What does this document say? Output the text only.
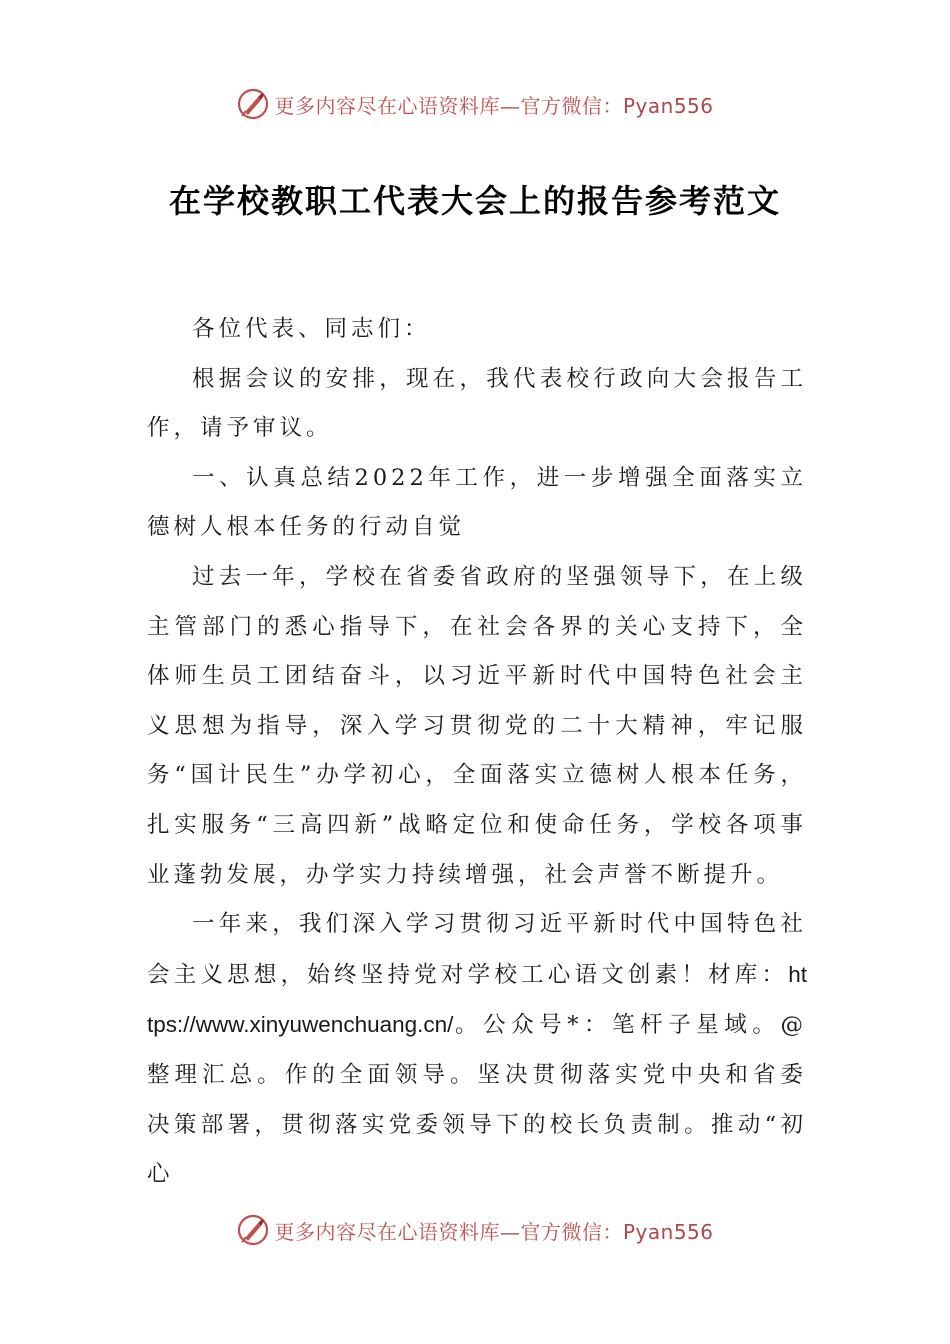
更多内容尽在心语资料库—官方微信：Pyan556
在学校教职工代表大会上的报告参考范文

各位代表、同志们：

根据会议的安排，现在，我代表校行政向大会报告工作，请予审议。

一、认真总结2022年工作，进一步增强全面落实立德树人根本任务的行动自觉

过去一年，学校在省委省政府的坚强领导下，在上级主管部门的悉心指导下，在社会各界的关心支持下，全体师生员工团结奋斗，以习近平新时代中国特色社会主义思想为指导，深入学习贯彻党的二十大精神，牢记服务“国计民生”办学初心，全面落实立德树人根本任务，扎实服务“三高四新”战略定位和使命任务，学校各项事业蓬勃发展，办学实力持续增强，社会声誉不断提升。

一年来，我们深入学习贯彻习近平新时代中国特色社会主义思想，始终坚持党对学校工心语文创素！材库：https://www.xinyuwenchuang.cn/。公众号*：笔杆子星域。@整理汇总。作的全面领导。坚决贯彻落实党中央和省委决策部署，贯彻落实党委领导下的校长负责制。推动“初心

更多内容尽在心语资料库—官方微信：Pyan556
